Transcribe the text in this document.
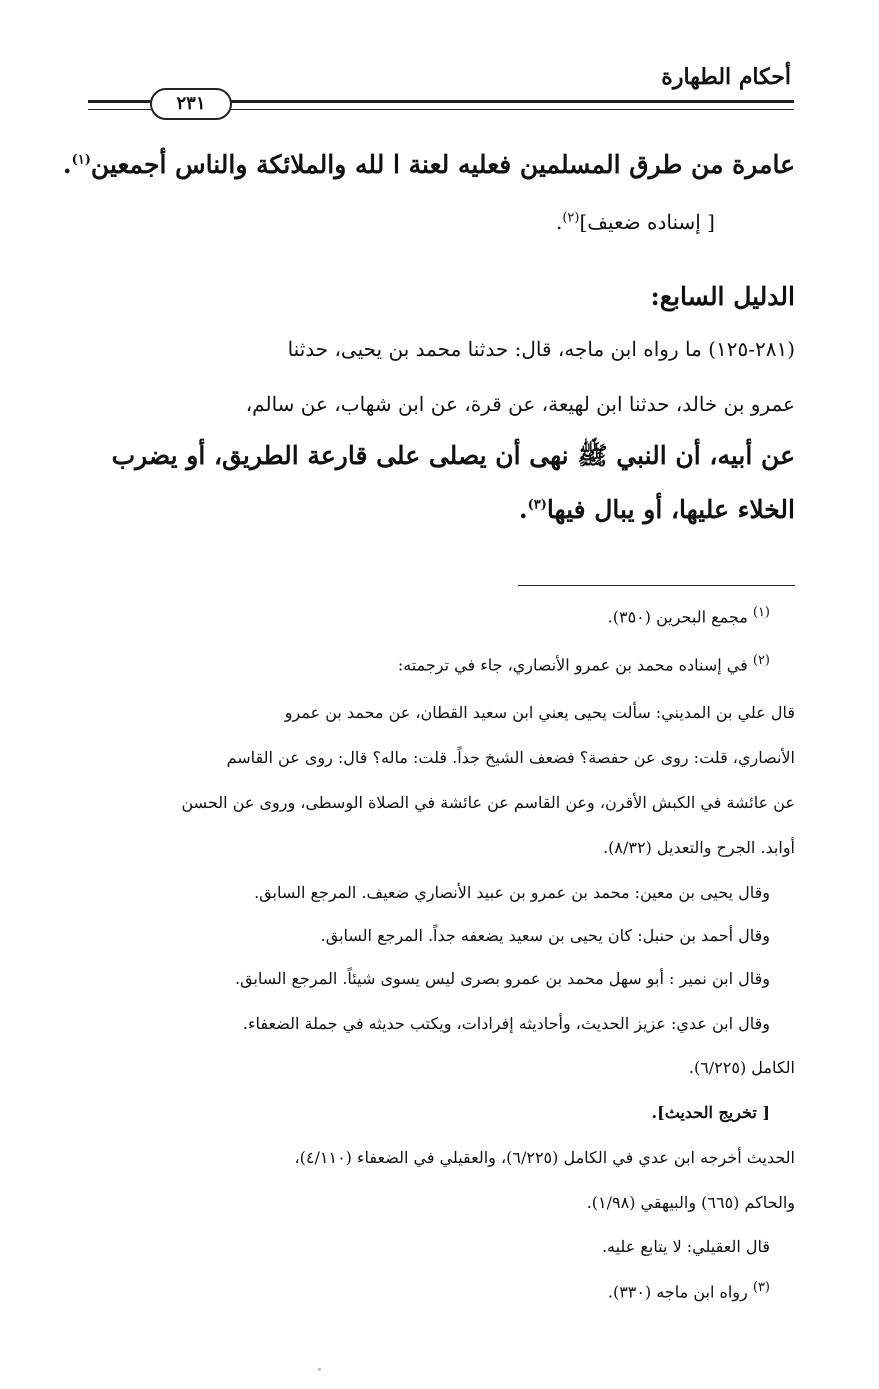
أحكام الطهارة
٢٣١
عامرة من طرق المسلمين فعليه لعنة ا لله والملائكة والناس أجمعين$^{(١)}$.
[ إسناده ضعيف]$^{(٢)}$.
الدليل السابع:
(٢٨١-١٢٥) ما رواه ابن ماجه، قال: حدثنا محمد بن يحيى، حدثنا
عمرو بن خالد، حدثنا ابن لهيعة، عن قرة، عن ابن شهاب، عن سالم،
عن أبيه، أن النبي ﷺ نهى أن يصلى على قارعة الطريق، أو يضرب
الخلاء عليها، أو يبال فيها$^{(٣)}$.
$^{(١)}$ مجمع البحرين (٣٥٠).
$^{(٢)}$ في إسناده محمد بن عمرو الأنصاري، جاء في ترجمته:
قال علي بن المديني: سألت يحيى يعني ابن سعيد القطان، عن محمد بن عمرو
الأنصاري، قلت: روى عن حفصة؟ فضعف الشيخ جداً. قلت: ماله؟ قال: روى عن القاسم
عن عائشة في الكبش الأقرن، وعن القاسم عن عائشة في الصلاة الوسطى، وروى عن الحسن
أوابد. الجرح والتعديل (٨/٣٢).
وقال يحيى بن معين: محمد بن عمرو بن عبيد الأنصاري ضعيف. المرجع السابق.
وقال أحمد بن حنبل: كان يحيى بن سعيد يضعفه جداً. المرجع السابق.
وقال ابن نمير : أبو سهل محمد بن عمرو بصرى ليس يسوى شيئاً. المرجع السابق.
وقال ابن عدي: عزيز الحديث، وأحاديثه إفرادات، ويكتب حديثه في جملة الضعفاء.
الكامل (٦/٢٢٥).
[ تخريج الحديث].
الحديث أخرجه ابن عدي في الكامل (٦/٢٢٥)، والعقيلي في الضعفاء (٤/١١٠)،
والحاكم (٦٦٥) والبيهقي (١/٩٨).
قال العقيلي: لا يتابع عليه.
$^{(٣)}$ رواه ابن ماجه (٣٣٠).
